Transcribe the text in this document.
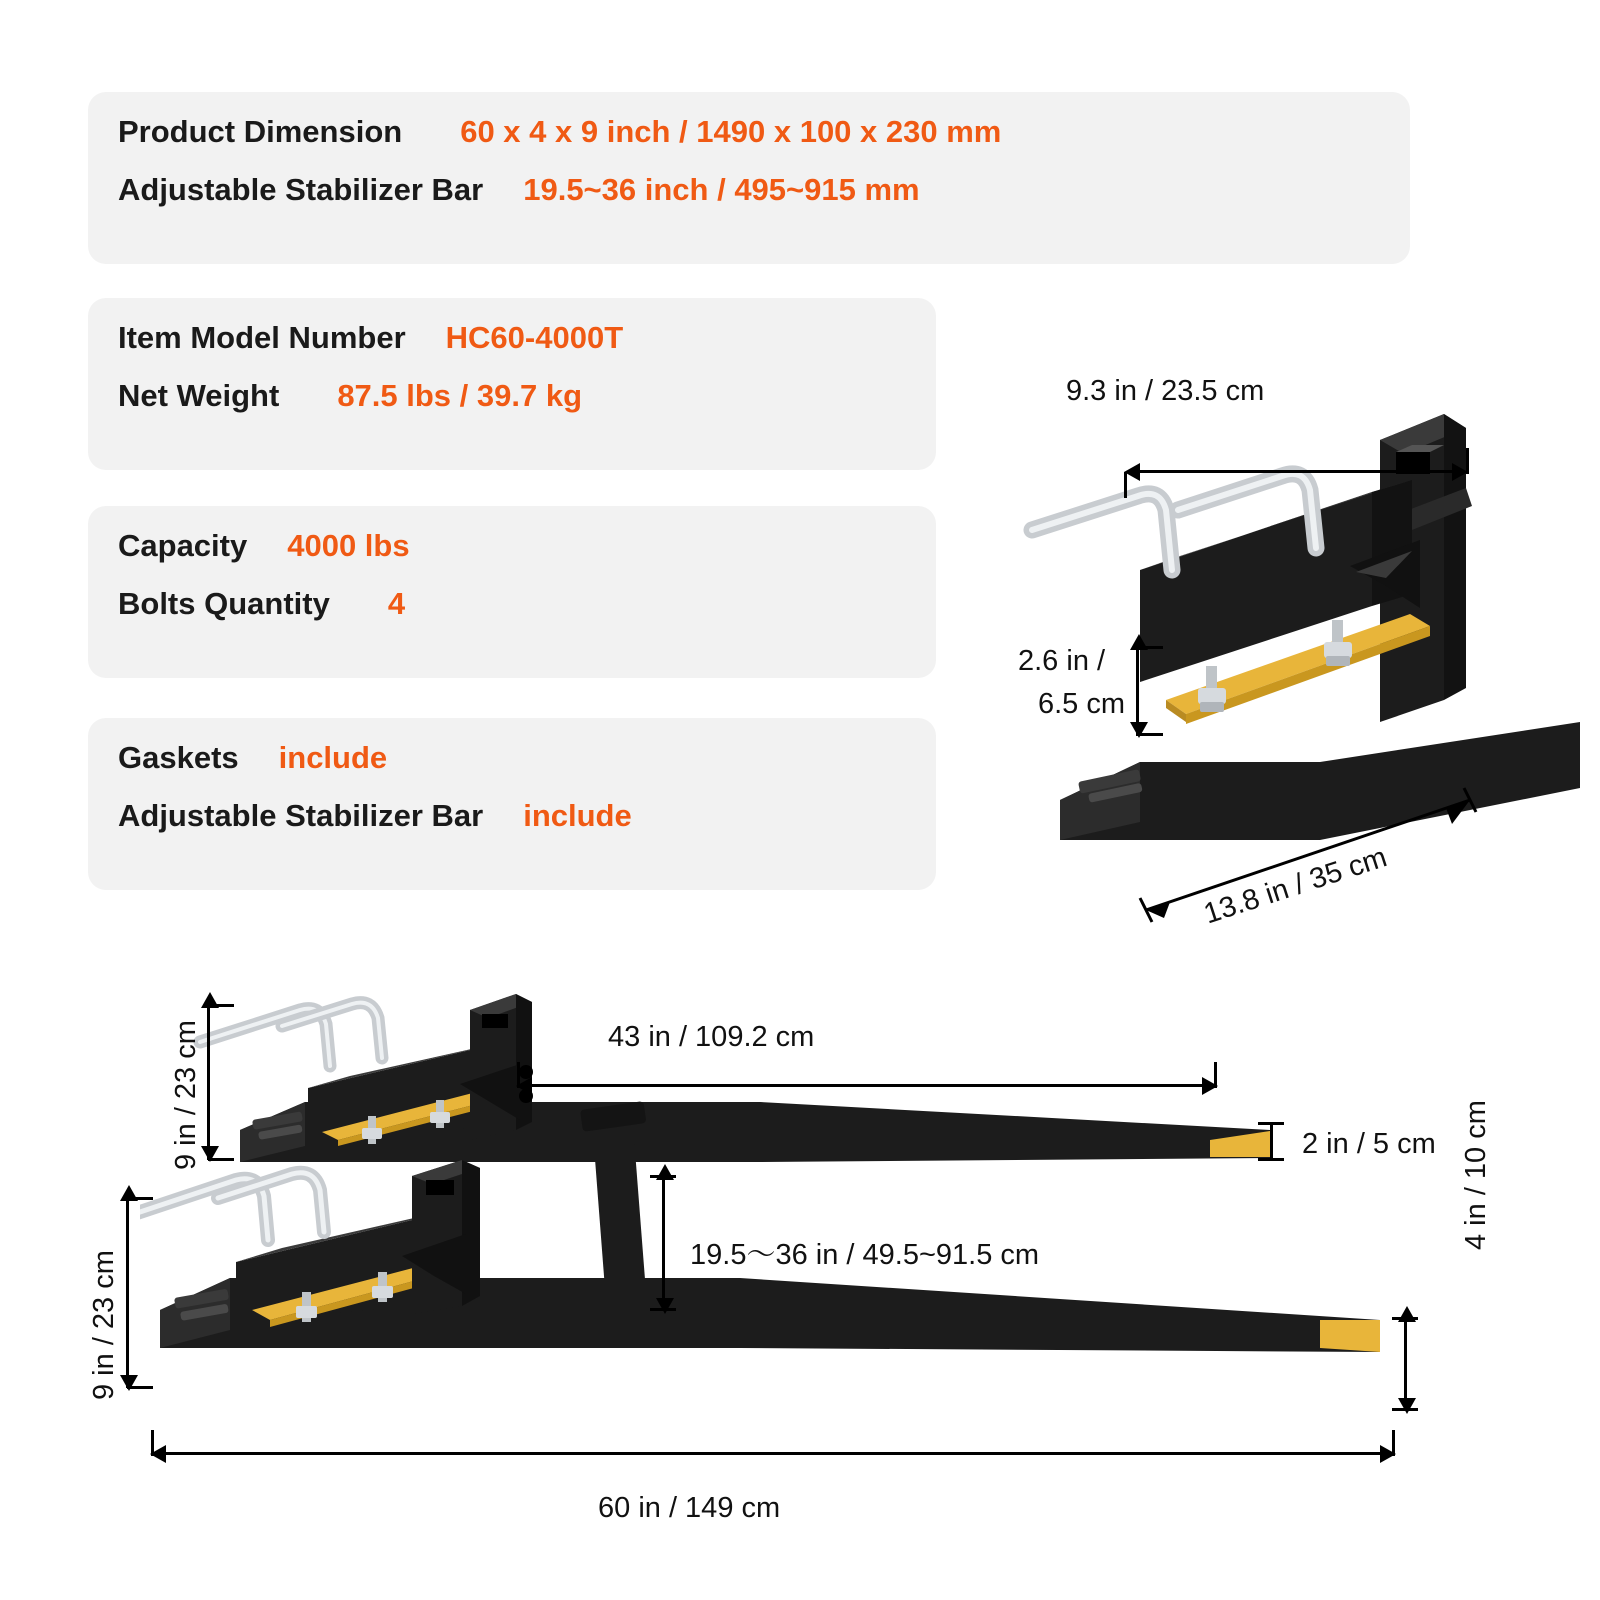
Product Dimension 60 x 4 x 9 inch / 1490 x 100 x 230 mm
Adjustable Stabilizer Bar 19.5~36 inch / 495~915 mm
Item Model Number HC60-4000T
Net Weight 87.5 lbs / 39.7 kg
Capacity 4000 lbs
Bolts Quantity 4
Gaskets include
Adjustable Stabilizer Bar include
9.3 in / 23.5 cm
2.6 in /
6.5 cm
13.8 in / 35 cm
9 in / 23 cm
9 in / 23 cm
43 in / 109.2 cm
2 in / 5 cm
19.5～36 in / 49.5~91.5 cm
4 in / 10 cm
60 in / 149 cm
